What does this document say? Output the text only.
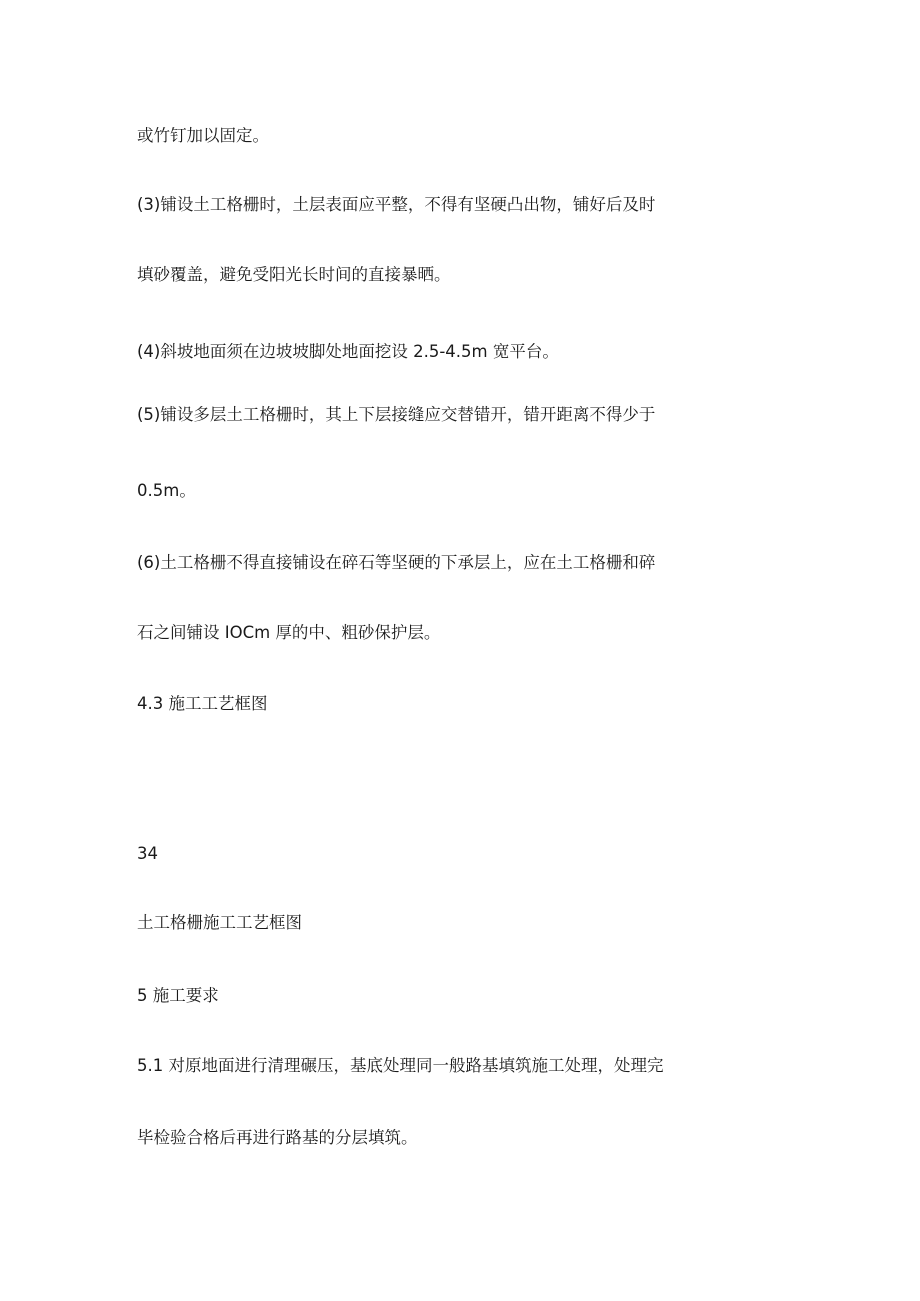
或竹钉加以固定。
(3)铺设土工格栅时，土层表面应平整，不得有坚硬凸出物，铺好后及时
填砂覆盖，避免受阳光长时间的直接暴晒。
(4)斜坡地面须在边坡坡脚处地面挖设 2.5-4.5m 宽平台。
(5)铺设多层土工格栅时，其上下层接缝应交替错开，错开距离不得少于
0.5m。
(6)土工格栅不得直接铺设在碎石等坚硬的下承层上，应在土工格栅和碎
石之间铺设 IOCm 厚的中、粗砂保护层。
4.3 施工工艺框图
34
土工格栅施工工艺框图
5 施工要求
5.1 对原地面进行清理碾压，基底处理同一般路基填筑施工处理，处理完
毕检验合格后再进行路基的分层填筑。
